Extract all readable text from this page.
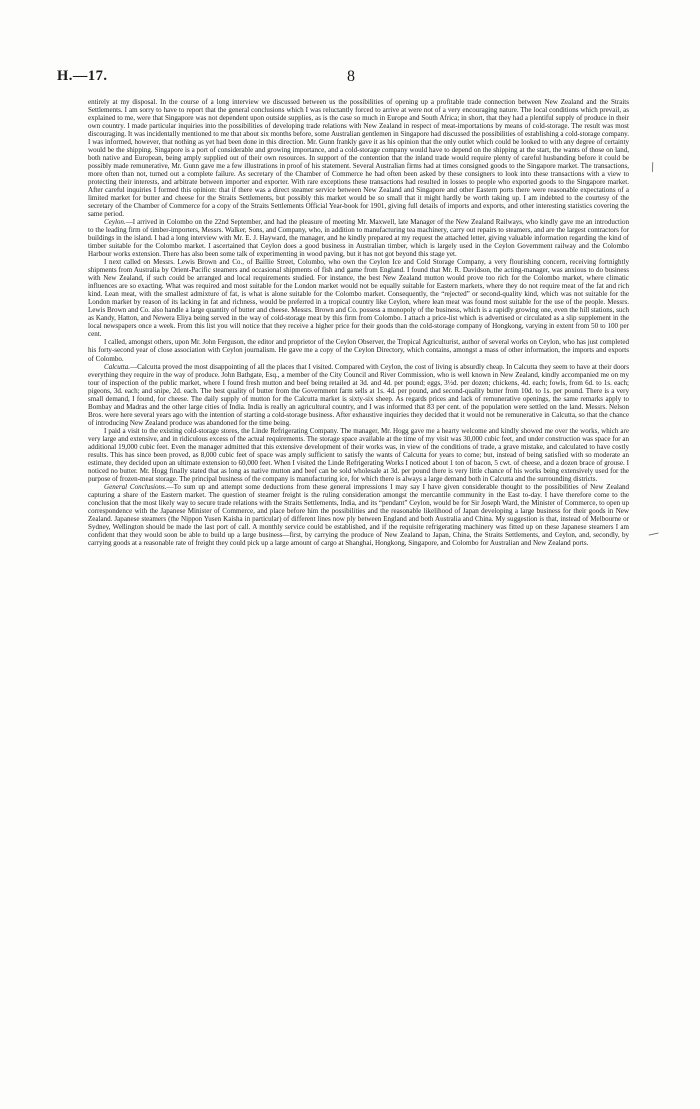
H.—17.	8

entirely at my disposal. In the course of a long interview we discussed between us the possibilities of opening up a profitable trade connection between New Zealand and the Straits Settlements. I am sorry to have to report that the general conclusions which I was reluctantly forced to arrive at were not of a very encouraging nature. The local conditions which prevail, as explained to me, were that Singapore was not dependent upon outside supplies, as is the case so much in Europe and South Africa; in short, that they had a plentiful supply of produce in their own country. I made particular inquiries into the possibilities of developing trade relations with New Zealand in respect of meat-importations by means of cold-storage. The result was most discouraging. It was incidentally mentioned to me that about six months before, some Australian gentlemen in Singapore had discussed the possibilities of establishing a cold-storage company. I was informed, however, that nothing as yet had been done in this direction. Mr. Gunn frankly gave it as his opinion that the only outlet which could be looked to with any degree of certainty would be the shipping. Singapore is a port of considerable and growing importance, and a cold-storage company would have to depend on the shipping at the start, the wants of those on land, both native and European, being amply supplied out of their own resources. In support of the contention that the inland trade would require plenty of careful husbanding before it could be possibly made remunerative, Mr. Gunn gave me a few illustrations in proof of his statement. Several Australian firms had at times consigned goods to the Singapore market. The transactions, more often than not, turned out a complete failure. As secretary of the Chamber of Commerce he had often been asked by these consigners to look into these transactions with a view to protecting their interests, and arbitrate between importer and exporter. With rare exceptions these transactions had resulted in losses to people who exported goods to the Singapore market. After careful inquiries I formed this opinion: that if there was a direct steamer service between New Zealand and Singapore and other Eastern ports there were reasonable expectations of a limited market for butter and cheese for the Straits Settlements, but possibly this market would be so small that it might hardly be worth taking up. I am indebted to the courtesy of the secretary of the Chamber of Commerce for a copy of the Straits Settlements Official Year-book for 1901, giving full details of imports and exports, and other interesting statistics covering the same period.

Ceylon.—I arrived in Colombo on the 22nd September, and had the pleasure of meeting Mr. Maxwell, late Manager of the New Zealand Railways, who kindly gave me an introduction to the leading firm of timber-importers, Messrs. Walker, Sons, and Company, who, in addition to manufacturing tea machinery, carry out repairs to steamers, and are the largest contractors for buildings in the island. I had a long interview with Mr. E. J. Hayward, the manager, and he kindly prepared at my request the attached letter, giving valuable information regarding the kind of timber suitable for the Colombo market. I ascertained that Ceylon does a good business in Australian timber, which is largely used in the Ceylon Government railway and the Colombo Harbour works extension. There has also been some talk of experimenting in wood paving, but it has not got beyond this stage yet.

I next called on Messrs. Lewis Brown and Co., of Baillie Street, Colombo, who own the Ceylon Ice and Cold Storage Company, a very flourishing concern, receiving fortnightly shipments from Australia by Orient-Pacific steamers and occasional shipments of fish and game from England. I found that Mr. R. Davidson, the acting-manager, was anxious to do business with New Zealand, if such could be arranged and local requirements studied. For instance, the best New Zealand mutton would prove too rich for the Colombo market, where climatic influences are so exacting. What was required and most suitable for the London market would not be equally suitable for Eastern markets, where they do not require meat of the fat and rich kind. Lean meat, with the smallest admixture of fat, is what is alone suitable for the Colombo market. Consequently, the “rejected” or second-quality kind, which was not suitable for the London market by reason of its lacking in fat and richness, would be preferred in a tropical country like Ceylon, where lean meat was found most suitable for the use of the people. Messrs. Lewis Brown and Co. also handle a large quantity of butter and cheese. Messrs. Brown and Co. possess a monopoly of the business, which is a rapidly growing one, even the hill stations, such as Kandy, Hatton, and Newera Eliya being served in the way of cold-storage meat by this firm from Colombo. I attach a price-list which is advertised or circulated as a slip supplement in the local newspapers once a week. From this list you will notice that they receive a higher price for their goods than the cold-storage company of Hongkong, varying in extent from 50 to 100 per cent.

I called, amongst others, upon Mr. John Ferguson, the editor and proprietor of the Ceylon Observer, the Tropical Agriculturist, author of several works on Ceylon, who has just completed his forty-second year of close association with Ceylon journalism. He gave me a copy of the Ceylon Directory, which contains, amongst a mass of other information, the imports and exports of Colombo.

Calcutta.—Calcutta proved the most disappointing of all the places that I visited. Compared with Ceylon, the cost of living is absurdly cheap. In Calcutta they seem to have at their doors everything they require in the way of produce. John Bathgate, Esq., a member of the City Council and River Commission, who is well known in New Zealand, kindly accompanied me on my tour of inspection of the public market, where I found fresh mutton and beef being retailed at 3d. and 4d. per pound; eggs, 3½d. per dozen; chickens, 4d. each; fowls, from 6d. to 1s. each; pigeons, 3d. each; and snipe, 2d. each. The best quality of butter from the Government farm sells at 1s. 4d. per pound, and second-quality butter from 10d. to 1s. per pound. There is a very small demand, I found, for cheese. The daily supply of mutton for the Calcutta market is sixty-six sheep. As regards prices and lack of remunerative openings, the same remarks apply to Bombay and Madras and the other large cities of India. India is really an agricultural country, and I was informed that 83 per cent. of the population were settled on the land. Messrs. Nelson Bros. were here several years ago with the intention of starting a cold-storage business. After exhaustive inquiries they decided that it would not be remunerative in Calcutta, so that the chance of introducing New Zealand produce was abandoned for the time being.

I paid a visit to the existing cold-storage stores, the Linde Refrigerating Company. The manager, Mr. Hogg gave me a hearty welcome and kindly showed me over the works, which are very large and extensive, and in ridiculous excess of the actual requirements. The storage space available at the time of my visit was 30,000 cubic feet, and under construction was space for an additional 19,000 cubic feet. Even the manager admitted that this extensive development of their works was, in view of the conditions of trade, a grave mistake, and calculated to have costly results. This has since been proved, as 8,000 cubic feet of space was amply sufficient to satisfy the wants of Calcutta for years to come; but, instead of being satisfied with so moderate an estimate, they decided upon an ultimate extension to 60,000 feet. When I visited the Linde Refrigerating Works I noticed about 1 ton of bacon, 5 cwt. of cheese, and a dozen brace of grouse. I noticed no butter. Mr. Hogg finally stated that as long as native mutton and beef can be sold wholesale at 3d. per pound there is very little chance of his works being extensively used for the purpose of frozen-meat storage. The principal business of the company is manufacturing ice, for which there is always a large demand both in Calcutta and the surrounding districts.

General Conclusions.—To sum up and attempt some deductions from these general impressions I may say I have given considerable thought to the possibilities of New Zealand capturing a share of the Eastern market. The question of steamer freight is the ruling consideration amongst the mercantile community in the East to-day. I have therefore come to the conclusion that the most likely way to secure trade relations with the Straits Settlements, India, and its “pendant” Ceylon, would be for Sir Joseph Ward, the Minister of Commerce, to open up correspondence with the Japanese Minister of Commerce, and place before him the possibilities and the reasonable likelihood of Japan developing a large business for their goods in New Zealand. Japanese steamers (the Nippon Yusen Kaisha in particular) of different lines now ply between England and both Australia and China. My suggestion is that, instead of Melbourne or Sydney, Wellington should be made the last port of call. A monthly service could be established, and if the requisite refrigerating machinery was fitted up on these Japanese steamers I am confident that they would soon be able to build up a large business—first, by carrying the produce of New Zealand to Japan, China, the Straits Settlements, and Ceylon, and, secondly, by carrying goods at a reasonable rate of freight they could pick up a large amount of cargo at Shanghai, Hongkong, Singapore, and Colombo for Australian and New Zealand ports.

⁄
—
